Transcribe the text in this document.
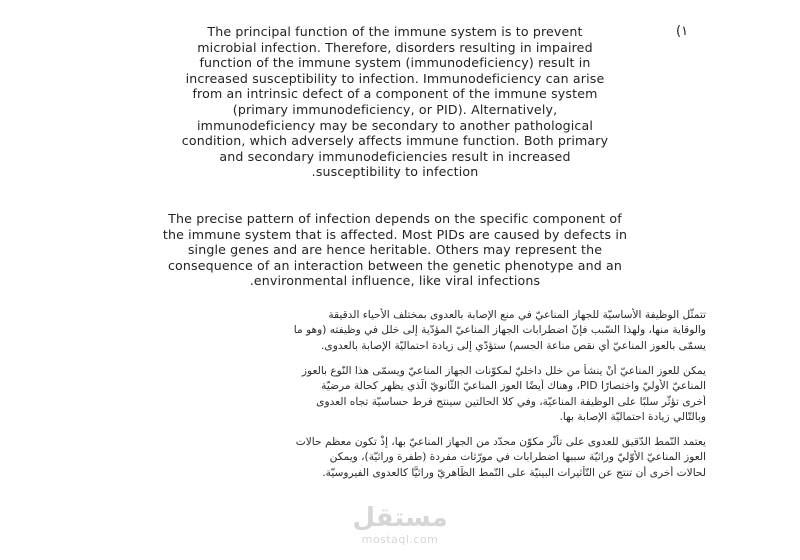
(١
The principal function of the immune system is to prevent
microbial infection. Therefore, disorders resulting in impaired
function of the immune system (immunodeficiency) result in
increased susceptibility to infection. Immunodeficiency can arise
from an intrinsic defect of a component of the immune system
(primary immunodeficiency, or PID). Alternatively,
immunodeficiency may be secondary to another pathological
condition, which adversely affects immune function. Both primary
and secondary immunodeficiencies result in increased
.susceptibility to infection
The precise pattern of infection depends on the specific component of
the immune system that is affected. Most PIDs are caused by defects in
single genes and are hence heritable. Others may represent the
consequence of an interaction between the genetic phenotype and an
.environmental influence, like viral infections
تتمثّل الوظيفة الأساسيّة للجهاز المناعيّ في منع الإصابة بالعدوى بمختلف الأحياء الدقيقة
والوقاية منها، ولهذا السّبب فإنّ اضطرابات الجهاز المناعيّ المؤدّية إلى خلل في وظيفته (وهو ما
يسمّى بالعوز المناعيّ أي نقص مناعة الجسم) ستؤدّي إلى زيادة احتماليّة الإصابة بالعدوى.
يمكن للعوز المناعيّ أنْ ينشأ من خلل داخليّ لمكوّنات الجهاز المناعيّ ويسمّى هذا النّوع بالعوز
المناعيّ الأوليّ واختصارًا PID، وهناك أيضًا العوز المناعيّ الثّانويّ الّذي يظهر كحالة مرضيّة
أخرى تؤثّر سلبًا على الوظيفة المناعيّة، وفي كلا الحالتين سينتج فرط حساسيّة تجاه العدوى
وبالتّالي زيادة احتماليّة الإصابة بها.
يعتمد النّمط الدّقيق للعدوى على تأثّر مكوّن محدّد من الجهاز المناعيّ بها، إذْ تكون معظم حالات
العوز المناعيّ الأوّليّ وراثيّة سببها اضطرابات في مورّثات مفردة (طفرة وراثيّة)، ويمكن
لحالات أخرى أن تنتج عن التّأثيرات البينيّة على النّمط الظّاهريّ وراثيًّا كالعدوى الفيروسيّة.
مستقل
mostaql.com
